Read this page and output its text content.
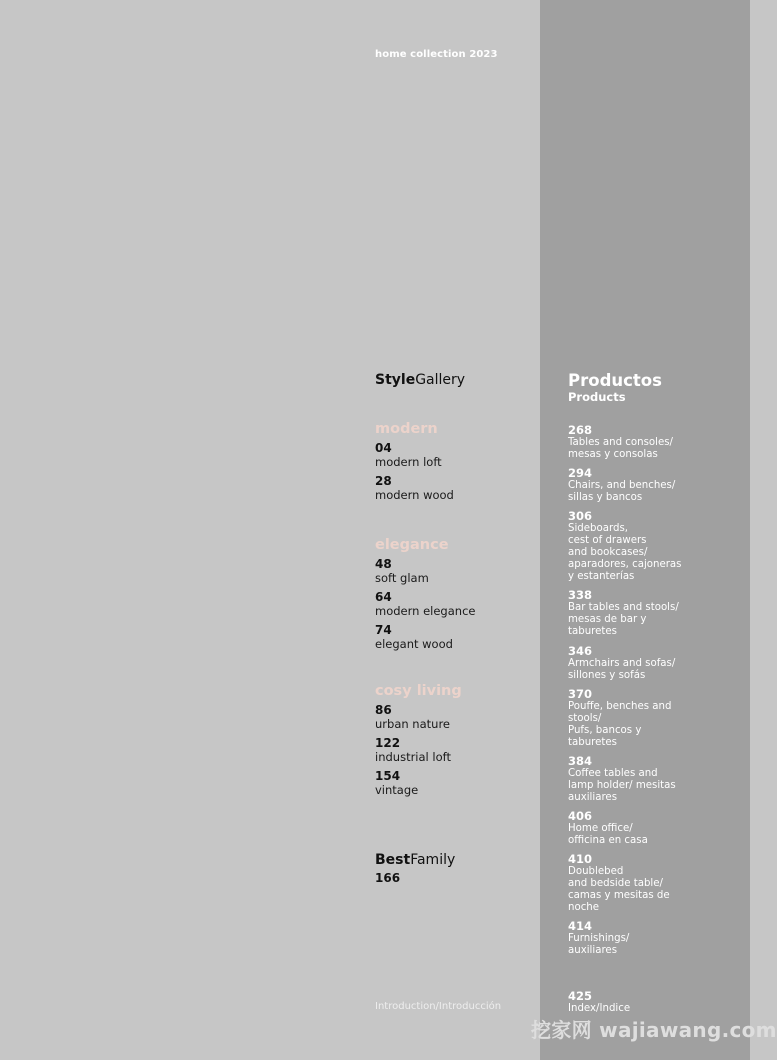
home collection 2023
StyleGallery
modern
04
modern loft
28
modern wood
elegance
48
soft glam
64
modern elegance
74
elegant wood
cosy living
86
urban nature
122
industrial loft
154
vintage
BestFamily
166
Introduction/Introducción
Productos
Products
268
Tables and consoles/
mesas y consolas
294
Chairs, and benches/
sillas y bancos
306
Sideboards,
cest of drawers
and bookcases/
aparadores, cajoneras
y estanterías
338
Bar tables and stools/
mesas de bar y
taburetes
346
Armchairs and sofas/
sillones y sofás
370
Pouffe, benches and
stools/
Pufs, bancos y
taburetes
384
Coffee tables and
lamp holder/ mesitas
auxiliares
406
Home office/
officina en casa
410
Doublebed
and bedside table/
camas y mesitas de
noche
414
Furnishings/
auxiliares
425
Index/Indice
挖家网 wajiawang.com
